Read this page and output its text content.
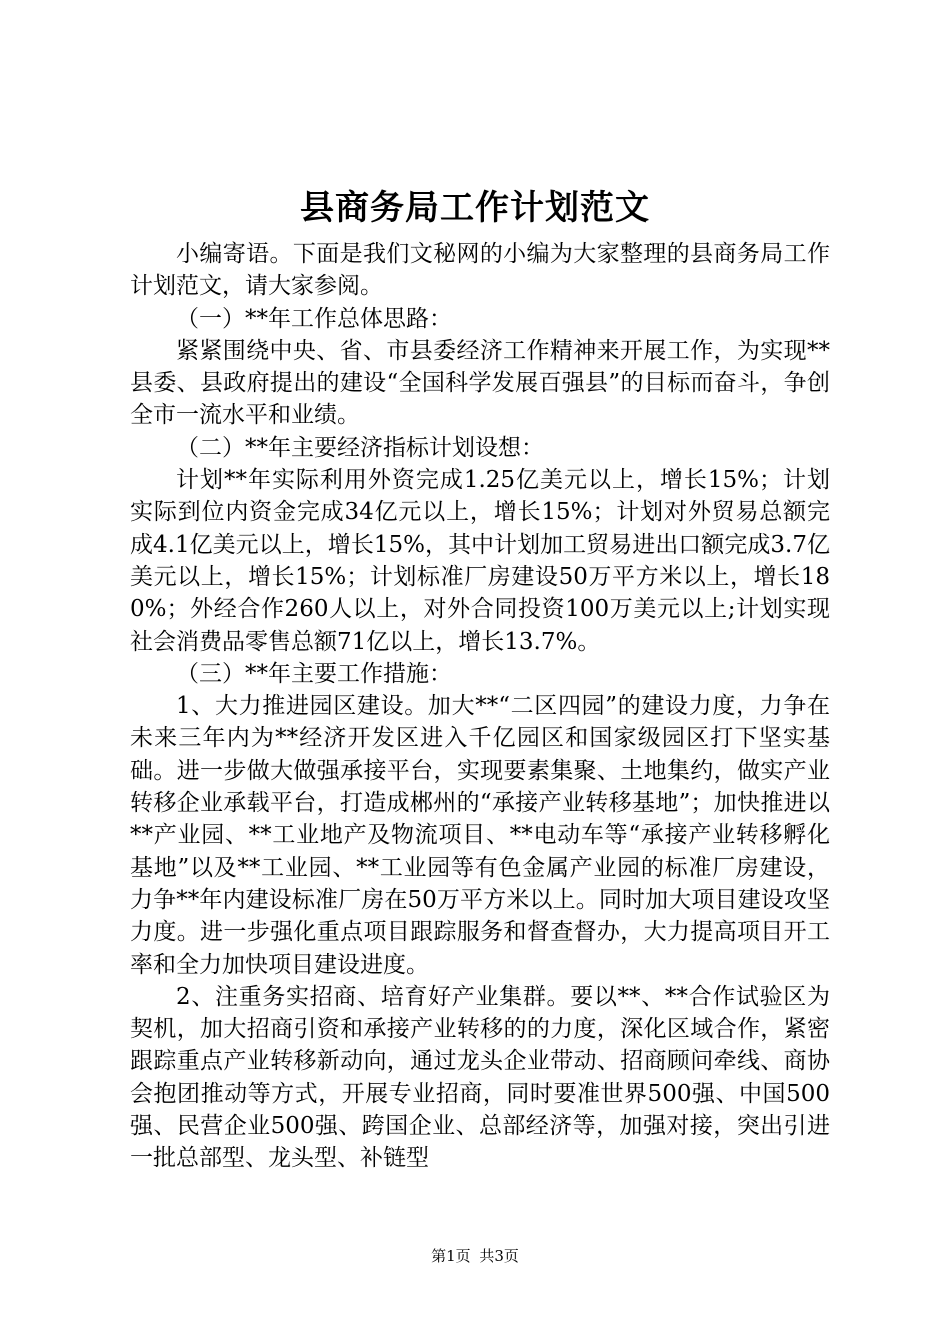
县商务局工作计划范文

小编寄语。下面是我们文秘网的小编为大家整理的县商务局工作计划范文，请大家参阅。

（一）**年工作总体思路：

紧紧围绕中央、省、市县委经济工作精神来开展工作，为实现**县委、县政府提出的建设“全国科学发展百强县”的目标而奋斗，争创全市一流水平和业绩。

（二）**年主要经济指标计划设想：

计划**年实际利用外资完成1.25亿美元以上，增长15%；计划实际到位内资金完成34亿元以上，增长15%；计划对外贸易总额完成4.1亿美元以上，增长15%，其中计划加工贸易进出口额完成3.7亿美元以上，增长15%；计划标准厂房建设50万平方米以上，增长180%；外经合作260人以上，对外合同投资100万美元以上;计划实现社会消费品零售总额71亿以上，增长13.7%。

（三）**年主要工作措施：

1、大力推进园区建设。加大**“二区四园”的建设力度，力争在未来三年内为**经济开发区进入千亿园区和国家级园区打下坚实基础。进一步做大做强承接平台，实现要素集聚、土地集约，做实产业转移企业承载平台，打造成郴州的“承接产业转移基地”；加快推进以**产业园、**工业地产及物流项目、**电动车等“承接产业转移孵化基地”以及**工业园、**工业园等有色金属产业园的标准厂房建设，力争**年内建设标准厂房在50万平方米以上。同时加大项目建设攻坚力度。进一步强化重点项目跟踪服务和督查督办，大力提高项目开工率和全力加快项目建设进度。

2、注重务实招商、培育好产业集群。要以**、**合作试验区为契机，加大招商引资和承接产业转移的的力度，深化区域合作，紧密跟踪重点产业转移新动向，通过龙头企业带动、招商顾问牵线、商协会抱团推动等方式，开展专业招商，同时要准世界500强、中国500强、民营企业500强、跨国企业、总部经济等，加强对接，突出引进一批总部型、龙头型、补链型

第1页 共3页
